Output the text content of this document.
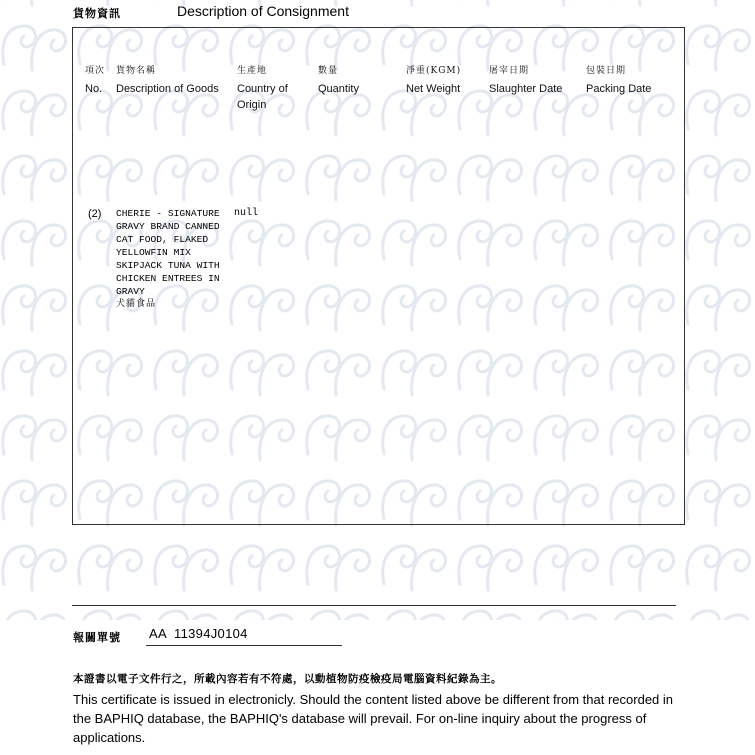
貨物資訊	Description of Consignment
項次
No.
貨物名稱
Description of Goods
生產地
Country of Origin
數量
Quantity
淨重(KGM)
Net Weight
屠宰日期
Slaughter Date
包裝日期
Packing Date
(2) CHERIE - SIGNATURE
GRAVY BRAND CANNED
CAT FOOD, FLAKED
YELLOWFIN MIX
SKIPJACK TUNA WITH
CHICKEN ENTREES IN
GRAVY
犬貓食品
null
報關單號 AA  11394J0104
本證書以電子文件行之，所載內容若有不符處，以動植物防疫檢疫局電腦資料紀錄為主。
This certificate is issued in electronicly. Should the content listed above be different from that recorded in the BAPHIQ database, the BAPHIQ's database will prevail. For on-line inquiry about the progress of applications.
